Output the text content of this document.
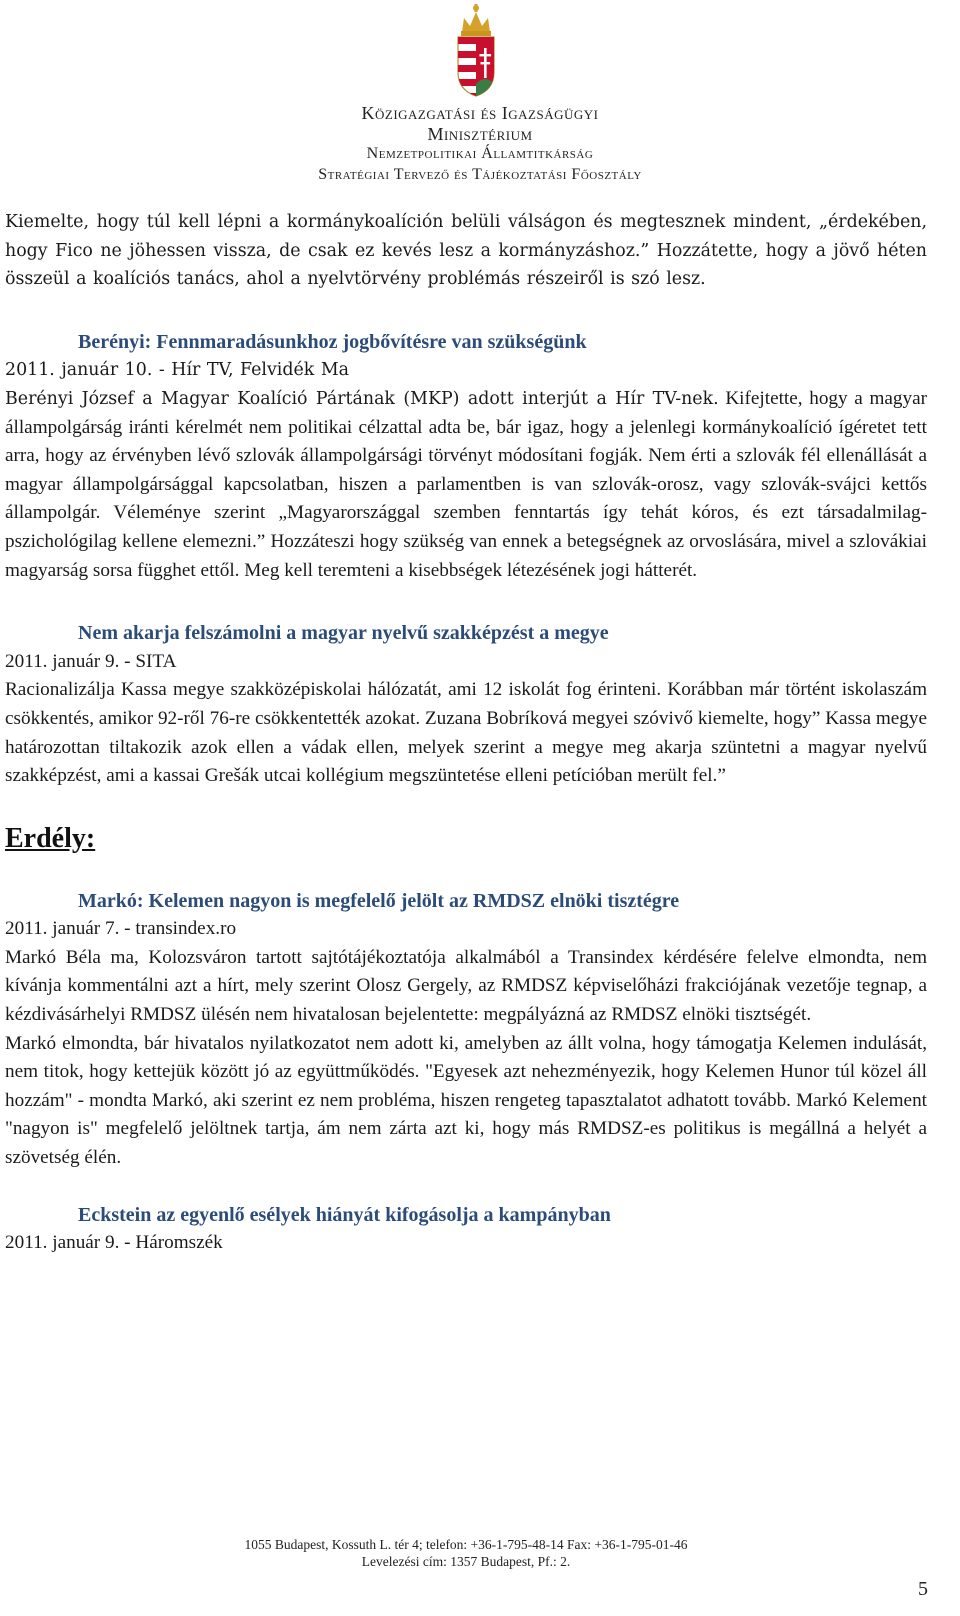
Közigazgatási és Igazságügyi
Minisztérium
Nemzetpolitikai Államtitkárság
Stratégiai Tervező és Tájékoztatási Főosztály

Kiemelte, hogy túl kell lépni a kormánykoalíción belüli válságon és megtesznek mindent, „érdekében, hogy Fico ne jöhessen vissza, de csak ez kevés lesz a kormányzáshoz.” Hozzátette, hogy a jövő héten összeül a koalíciós tanács, ahol a nyelvtörvény problémás részeiről is szó lesz.

Berényi: Fennmaradásunkhoz jogbővítésre van szükségünk

2011. január 10. - Hír TV, Felvidék Ma

Berényi József a Magyar Koalíció Pártának (MKP) adott interjút a Hír TV-nek. Kifejtette, hogy a magyar állampolgárság iránti kérelmét nem politikai célzattal adta be, bár igaz, hogy a jelenlegi kormánykoalíció ígéretet tett arra, hogy az érvényben lévő szlovák állampolgársági törvényt módosítani fogják. Nem érti a szlovák fél ellenállását a magyar állampolgársággal kapcsolatban, hiszen a parlamentben is van szlovák-orosz, vagy szlovák-svájci kettős állampolgár. Véleménye szerint „Magyarországgal szemben fenntartás így tehát kóros, és ezt társadalmilag-pszichológilag kellene elemezni.” Hozzáteszi hogy szükség van ennek a betegségnek az orvoslására, mivel a szlovákiai magyarság sorsa függhet ettől. Meg kell teremteni a kisebbségek létezésének jogi hátterét.

Nem akarja felszámolni a magyar nyelvű szakképzést a megye

2011. január 9. - SITA

Racionalizálja Kassa megye szakközépiskolai hálózatát, ami 12 iskolát fog érinteni. Korábban már történt iskolaszám csökkentés, amikor 92-ről 76-re csökkentették azokat. Zuzana Bobríková megyei szóvivő kiemelte, hogy” Kassa megye határozottan tiltakozik azok ellen a vádak ellen, melyek szerint a megye meg akarja szüntetni a magyar nyelvű szakképzést, ami a kassai Grešák utcai kollégium megszüntetése elleni petícióban merült fel.”

Erdély:
Markó: Kelemen nagyon is megfelelő jelölt az RMDSZ elnöki tisztégre

2011. január 7. - transindex.ro

Markó Béla ma, Kolozsváron tartott sajtótájékoztatója alkalmából a Transindex kérdésére felelve elmondta, nem kívánja kommentálni azt a hírt, mely szerint Olosz Gergely, az RMDSZ képviselőházi frakciójának vezetője tegnap, a kézdivásárhelyi RMDSZ ülésén nem hivatalosan bejelentette: megpályázná az RMDSZ elnöki tisztségét.

Markó elmondta, bár hivatalos nyilatkozatot nem adott ki, amelyben az állt volna, hogy támogatja Kelemen indulását, nem titok, hogy kettejük között jó az együttműködés. "Egyesek azt nehezményezik, hogy Kelemen Hunor túl közel áll hozzám" - mondta Markó, aki szerint ez nem probléma, hiszen rengeteg tapasztalatot adhatott tovább. Markó Kelement "nagyon is" megfelelő jelöltnek tartja, ám nem zárta azt ki, hogy más RMDSZ-es politikus is megállná a helyét a szövetség élén.

Eckstein az egyenlő esélyek hiányát kifogásolja a kampányban

2011. január 9. - Háromszék

1055 Budapest, Kossuth L. tér 4; telefon: +36-1-795-48-14 Fax: +36-1-795-01-46
Levelezési cím: 1357 Budapest, Pf.: 2.
5
